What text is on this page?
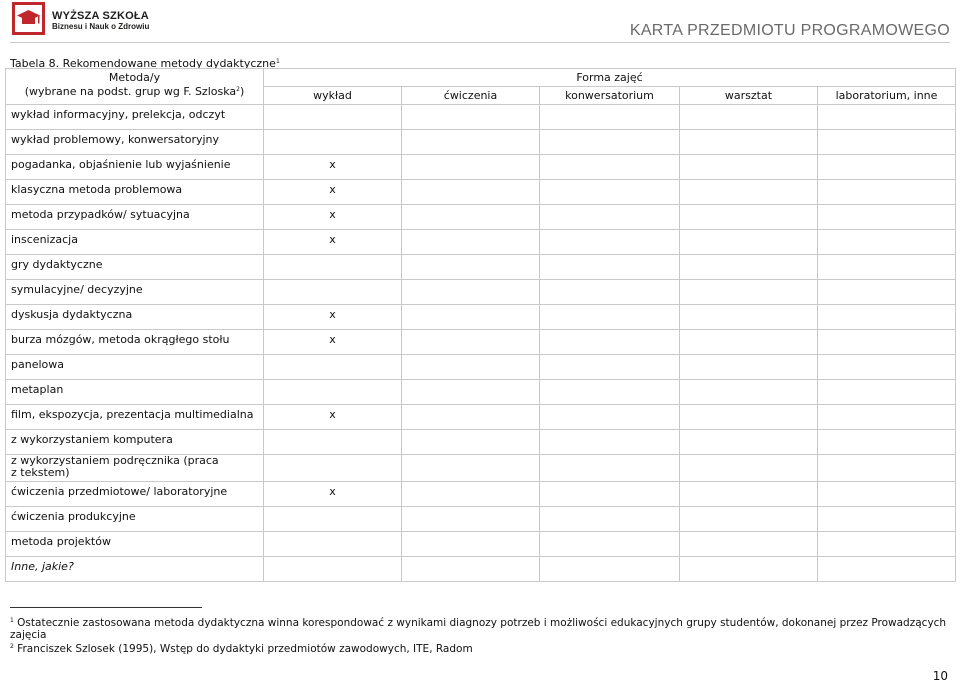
WYŻSZA SZKOŁA
Biznesu i Nauk o Zdrowiu	KARTA PRZEDMIOTU PROGRAMOWEGO
Tabela 8. Rekomendowane metody dydaktyczne$^1$
Metoda/y
(wybrane na podst. grup wg F. Szloska$^2$)	Forma zajęć				
	wykład	ćwiczenia	konwersatorium	warsztat	laboratorium, inne
wykład informacyjny, prelekcja, odczyt					
wykład problemowy, konwersatoryjny					
pogadanka, objaśnienie lub wyjaśnienie	x				
klasyczna metoda problemowa	x				
metoda przypadków/ sytuacyjna	x				
inscenizacja	x				
gry dydaktyczne					
symulacyjne/ decyzyjne					
dyskusja dydaktyczna	x				
burza mózgów, metoda okrągłego stołu	x				
panelowa					
metaplan					
film, ekspozycja, prezentacja multimedialna	x				
z wykorzystaniem komputera					

z wykorzystaniem podręcznika (praca
z tekstem)					

ćwiczenia przedmiotowe/ laboratoryjne	x				
ćwiczenia produkcyjne					
metoda projektów					
Inne, jakie?					
$^1$ Ostatecznie zastosowana metoda dydaktyczna winna korespondować z wynikami diagnozy potrzeb i możliwości edukacyjnych grupy studentów, dokonanej przez Prowadzących zajęcia
$^2$ Franciszek Szlosek (1995), Wstęp do dydaktyki przedmiotów zawodowych, ITE, Radom
10
